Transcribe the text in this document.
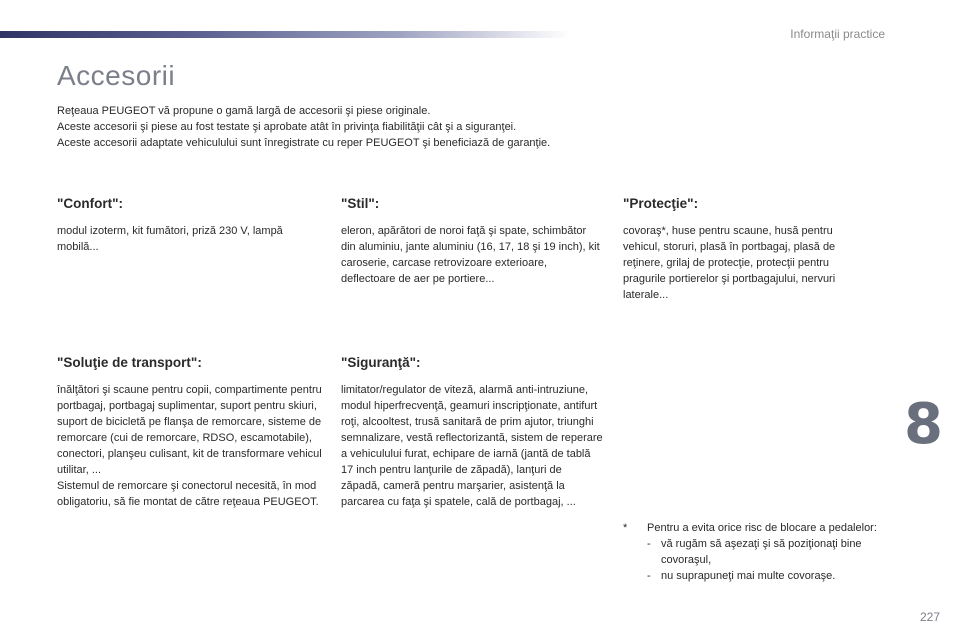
Informaţii practice
Accesorii

Reţeaua PEUGEOT vă propune o gamă largă de accesorii şi piese originale.

Aceste accesorii şi piese au fost testate şi aprobate atât în privinţa fiabilităţii cât şi a siguranţei.

Aceste accesorii adaptate vehiculului sunt înregistrate cu reper PEUGEOT şi beneficiază de garanţie.

"Confort":

modul izoterm, kit fumători, priză 230 V, lampă mobilă...

"Stil":

eleron, apărători de noroi faţă şi spate, schimbător din aluminiu, jante aluminiu (16, 17, 18 şi 19 inch), kit caroserie, carcase retrovizoare exterioare, deflectoare de aer pe portiere...

"Protecţie":

covoraş*, huse pentru scaune, husă pentru vehicul, storuri, plasă în portbagaj, plasă de reţinere, grilaj de protecţie, protecţii pentru pragurile portierelor şi portbagajului, nervuri laterale...

"Soluţie de transport":

înălţători şi scaune pentru copii, compartimente pentru portbagaj, portbagaj suplimentar, suport pentru skiuri, suport de bicicletă pe flanşa de remorcare, sisteme de remorcare (cui de remorcare, RDSO, escamotabile), conectori, planşeu culisant, kit de transformare vehicul utilitar, ...

Sistemul de remorcare şi conectorul necesită, în mod obligatoriu, să fie montat de către reţeaua PEUGEOT.

"Siguranţă":

limitator/regulator de viteză, alarmă anti-intruziune, modul hiperfrecvenţă, geamuri inscripţionate, antifurt roţi, alcooltest, trusă sanitară de prim ajutor, triunghi semnalizare, vestă reflectorizantă, sistem de reperare a vehiculului furat, echipare de iarnă (jantă de tablă 17 inch pentru lanţurile de zăpadă), lanţuri de zăpadă, cameră pentru marşarier, asistenţă la parcarea cu faţa şi spatele, cală de portbagaj, ...

*	Pentru a evita orice risc de blocare a pedalelor:
- vă rugăm să aşezaţi şi să poziţionaţi bine covoraşul,
- nu suprapuneţi mai multe covoraşe.
8
227
